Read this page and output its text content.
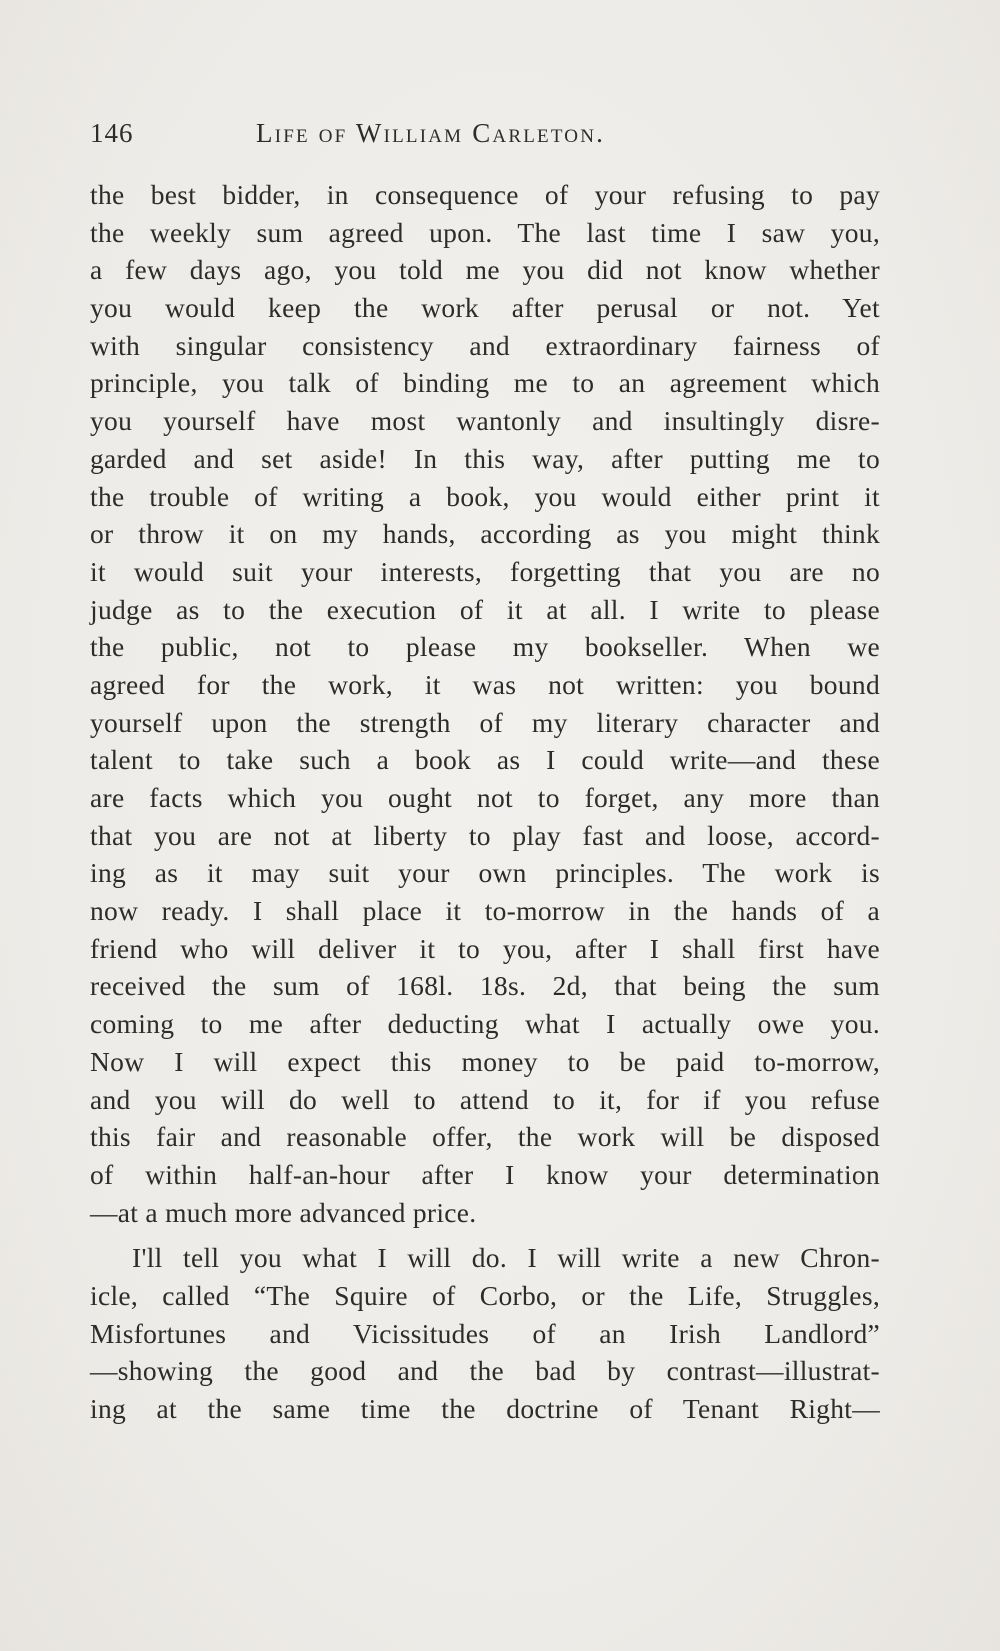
146	Life of William Carleton.
the best bidder, in consequence of your refusing to pay
the weekly sum agreed upon. The last time I saw you,
a few days ago, you told me you did not know whether
you would keep the work after perusal or not. Yet
with singular consistency and extraordinary fairness of
principle, you talk of binding me to an agreement which
you yourself have most wantonly and insultingly disre-
garded and set aside! In this way, after putting me to
the trouble of writing a book, you would either print it
or throw it on my hands, according as you might think
it would suit your interests, forgetting that you are no
judge as to the execution of it at all. I write to please
the public, not to please my bookseller. When we
agreed for the work, it was not written: you bound
yourself upon the strength of my literary character and
talent to take such a book as I could write—and these
are facts which you ought not to forget, any more than
that you are not at liberty to play fast and loose, accord-
ing as it may suit your own principles. The work is
now ready. I shall place it to-morrow in the hands of a
friend who will deliver it to you, after I shall first have
received the sum of 168l. 18s. 2d, that being the sum
coming to me after deducting what I actually owe you.
Now I will expect this money to be paid to-morrow,
and you will do well to attend to it, for if you refuse
this fair and reasonable offer, the work will be disposed
of within half-an-hour after I know your determination
—at a much more advanced price.
I'll tell you what I will do. I will write a new Chron-
icle, called “The Squire of Corbo, or the Life, Struggles,
Misfortunes and Vicissitudes of an Irish Landlord”
—showing the good and the bad by contrast—illustrat-
ing at the same time the doctrine of Tenant Right—
